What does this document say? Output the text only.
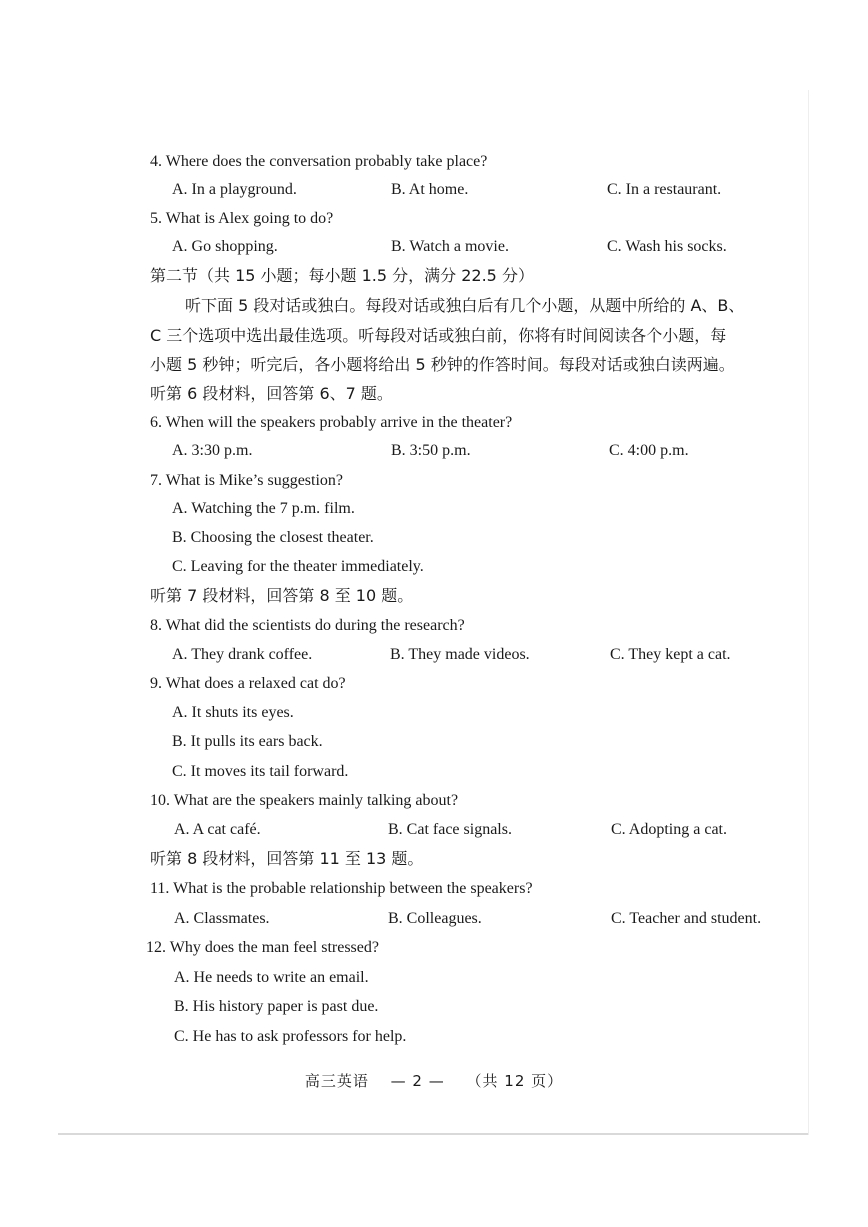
4. Where does the conversation probably take place?
A. In a playground.	B. At home.	C. In a restaurant.
5. What is Alex going to do?
A. Go shopping.	B. Watch a movie.	C. Wash his socks.
第二节（共 15 小题；每小题 1.5 分，满分 22.5 分）
听下面 5 段对话或独白。每段对话或独白后有几个小题，从题中所给的 A、B、
C 三个选项中选出最佳选项。听每段对话或独白前，你将有时间阅读各个小题，每
小题 5 秒钟；听完后，各小题将给出 5 秒钟的作答时间。每段对话或独白读两遍。
听第 6 段材料，回答第 6、7 题。
6. When will the speakers probably arrive in the theater?
A. 3:30 p.m.	B. 3:50 p.m.	C. 4:00 p.m.
7. What is Mike’s suggestion?
A. Watching the 7 p.m. film.
B. Choosing the closest theater.
C. Leaving for the theater immediately.
听第 7 段材料，回答第 8 至 10 题。
8. What did the scientists do during the research?
A. They drank coffee.	B. They made videos.	C. They kept a cat.
9. What does a relaxed cat do?
A. It shuts its eyes.
B. It pulls its ears back.
C. It moves its tail forward.
10. What are the speakers mainly talking about?
A. A cat café.	B. Cat face signals.	C. Adopting a cat.
听第 8 段材料，回答第 11 至 13 题。
11. What is the probable relationship between the speakers?
A. Classmates.	B. Colleagues.	C. Teacher and student.
12. Why does the man feel stressed?
A. He needs to write an email.
B. His history paper is past due.
C. He has to ask professors for help.
高三英语 — 2 — （共 12 页）
